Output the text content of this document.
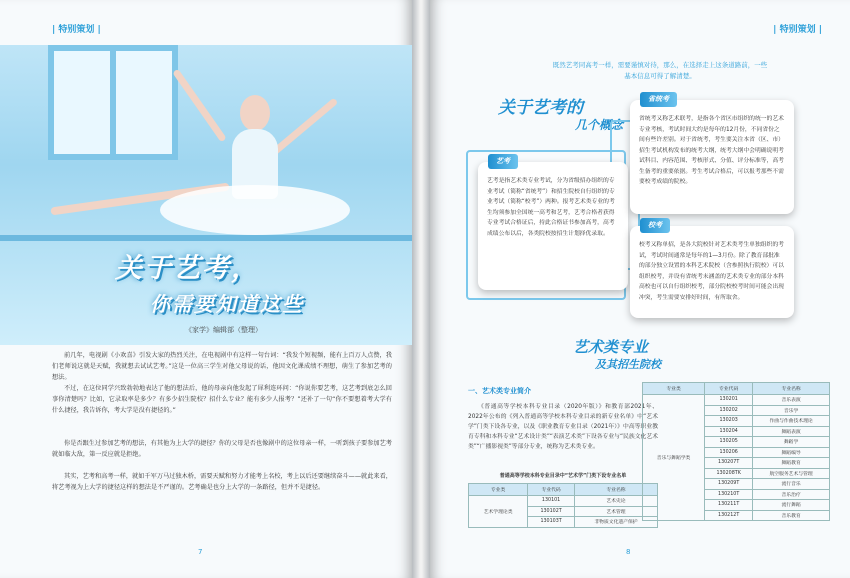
| 特别策划 |
关于艺考，
你需要知道这些
《家学》编辑部（整理）

前几年，电视剧《小欢喜》引发大家的热烈关注，在电视剧中有这样一句台词：“我发个短视频，能有上百万人点赞，我们老师说这就是天赋，我就想去试试艺考。”这是一位高三学生对他父母说的话，他因文化课成绩不理想，萌生了参加艺考的想法。

不过，在这位同学兴致勃勃地表达了他的想法后，他的母亲向他发起了犀利连环问：“你说你要艺考，这艺考到底怎么回事你清楚吗？比如，它录取率是多少？有多少招生院校？招什么专业？能有多少人报考？”还补了一句“你不要想着考大学有什么捷径，我告诉你，考大学是没有捷径的。”

你是否跟生过参加艺考的想法，有其他为上大学的捷径？你的父母是否也像剧中的这位母亲一样，一听到孩子要参加艺考就如临大敌，第一反应就是拒绝。

其实，艺考和高考一样，就如千军万马过独木桥，需要天赋和努力才能考上名校，考上以后还要继续奋斗——就此来看，将艺考视为上大学的捷径这样的想法是不严谨的。艺考确是也分上大学的一条路径，但并不是捷径。

7
| 特别策划 |
既然艺考同高考一样，需要谨慎对待，那么，在选择走上这条道路前，一些基本信息可得了解清楚。
关于艺考的
几个概念
艺考
艺考是指艺术类专业考试，分为省级招办组织的专业考试（简称“省统考”）和招生院校自行组织的专业考试（简称“校考”）两种。报考艺术类专业的考生均须参加全国统一高考和艺考，艺考合格者获得专业考试合格证后，持此合格证书参加高考，高考成绩公布以后，各类院校按招生计划择优录取。
省统考
省统考又称艺术联考，是指各个省区市组织的统一的艺术专业考核，考试时间大约是每年的12月份，不同省份之间有些许差别。对于省统考，考生要关注本省（区、市）招生考试机构发布的统考大纲，统考大纲中会明确说明考试科目、内容范围、考核形式、分值、评分标准等，高考生备考的重要依据。考生考试合格后，可以报考那些不需要校考成绩的院校。
校考
校考又称单招，是各大院校针对艺术类考生单独组织的考试，考试时间通常是每年的1—3月份。除了教育部批准的部分独立设置的本科艺术院校（含参照执行院校）可以组织校考，并设有省统考未涵盖的艺术类专业的部分本科高校也可以自行组织校考，部分院校校考时间可能会出现冲突，考生需要安排好时间，有所取舍。
艺术类专业
及其招生院校
一、艺术类专业简介

《普通高等学校本科专业目录（2020年版）》和教育部2021年、2022年公布的《列入普通高等学校本科专业目录的新专业名单》中“艺术学”门类下设各专业，以及《职业教育专业目录（2021年）》中高等职业教育专科和本科专业“艺术设计类”“表演艺术类”下设各专业与“民族文化艺术类”“广播影视类”等部分专业，统称为艺术类专业。

普通高等学校本科专业目录中“艺术学”门类下设专业名单
专业类	专业代码	专业名称
艺术学理论类	130101	艺术史论
	130102T	艺术管理
	130103T	非物质文化遗产保护
专业类	专业代码	专业名称
音乐与舞蹈学类	130201	音乐表演
	130202	音乐学
	130203	作曲与作曲技术理论
	130204	舞蹈表演
	130205	舞蹈学
	130206	舞蹈编导
	130207T	舞蹈教育
	130208TK	航空服务艺术与管理
	130209T	流行音乐
	130210T	音乐治疗
	130211T	流行舞蹈
	130212T	音乐教育
8
